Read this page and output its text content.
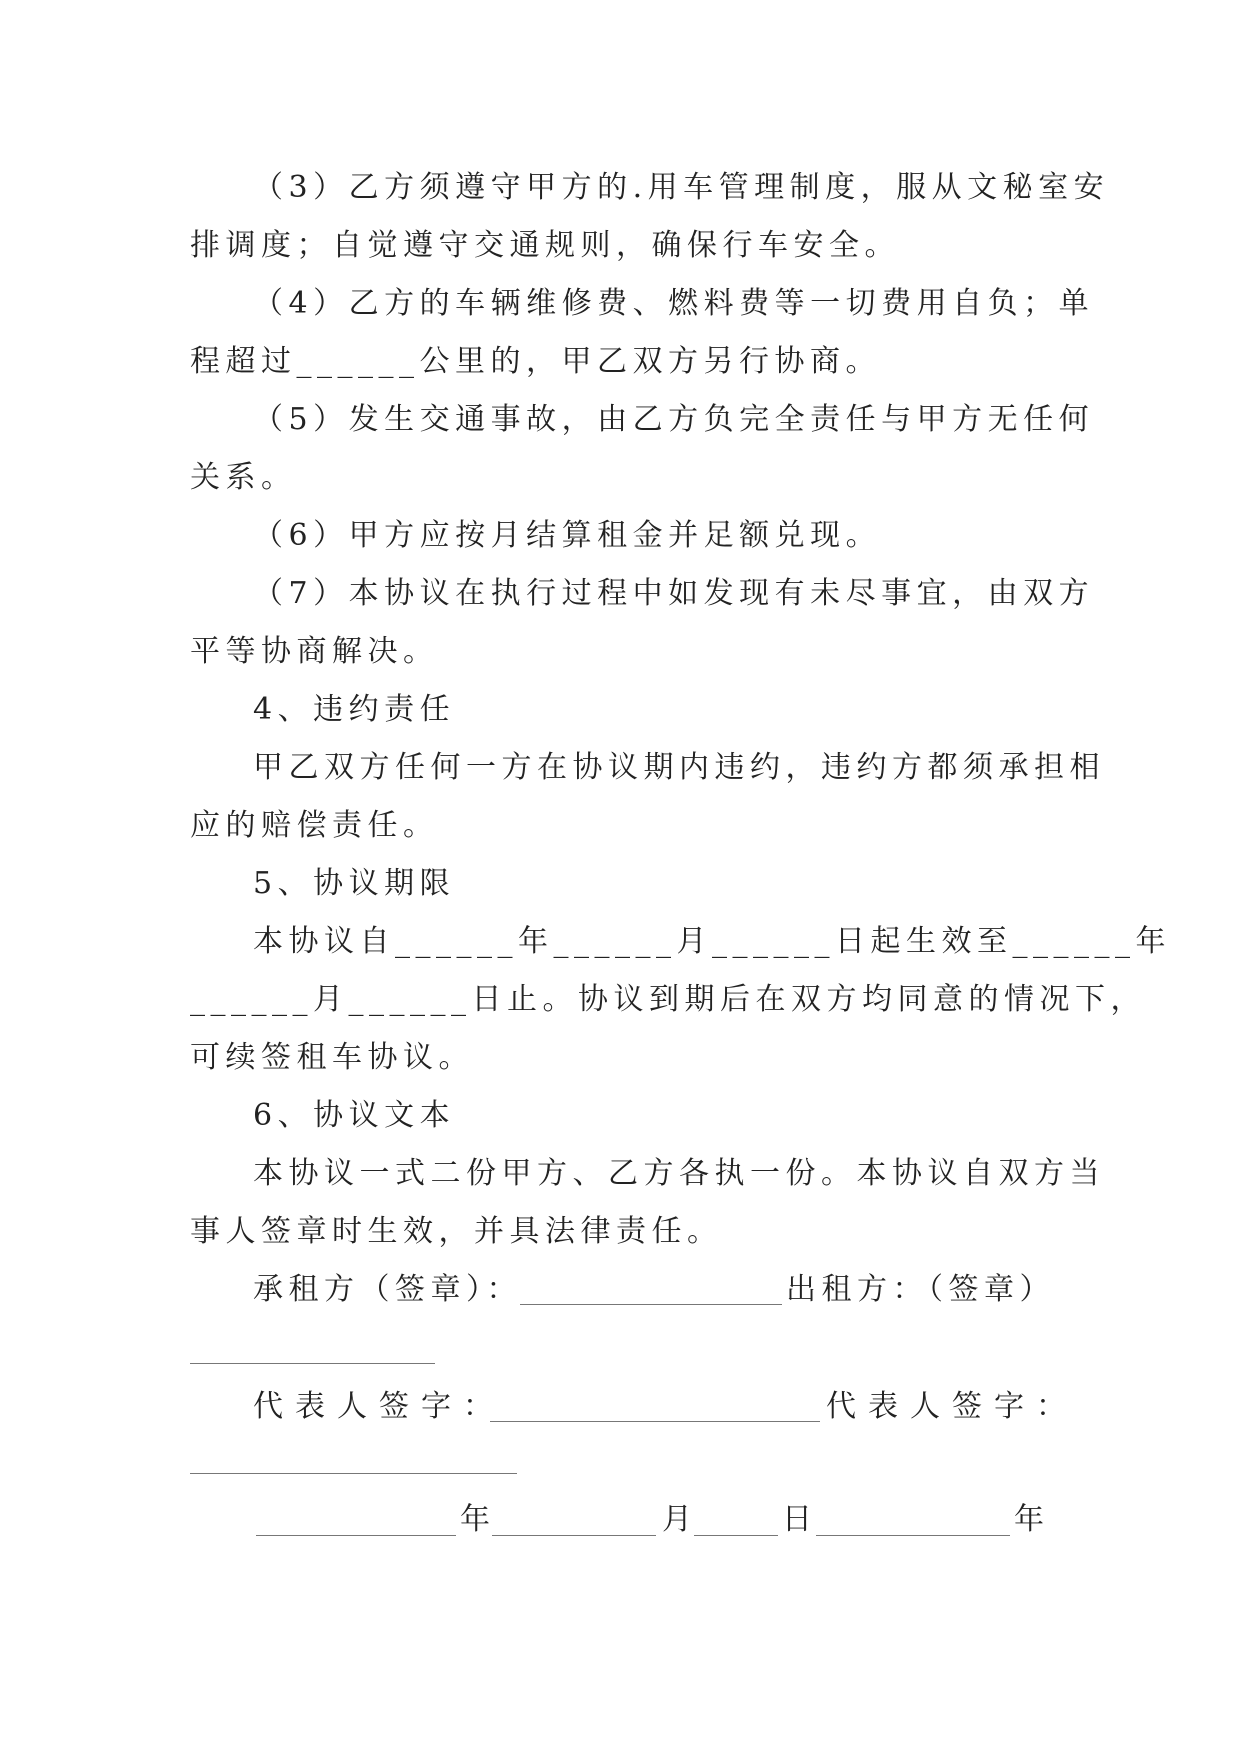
（3）乙方须遵守甲方的.用车管理制度，服从文秘室安
排调度；自觉遵守交通规则，确保行车安全。
（4）乙方的车辆维修费、燃料费等一切费用自负；单
程超过______公里的，甲乙双方另行协商。
（5）发生交通事故，由乙方负完全责任与甲方无任何
关系。
（6）甲方应按月结算租金并足额兑现。
（7）本协议在执行过程中如发现有未尽事宜，由双方
平等协商解决。
4、违约责任
甲乙双方任何一方在协议期内违约，违约方都须承担相
应的赔偿责任。
5、协议期限
本协议自______年______月______日起生效至______年
______月______日止。协议到期后在双方均同意的情况下，
可续签租车协议。
6、协议文本
本协议一式二份甲方、乙方各执一份。本协议自双方当
事人签章时生效，并具法律责任。
承租方（签章）：	出租方：（签章）
代表人签字：	代表人签字：
年	月	日	年
